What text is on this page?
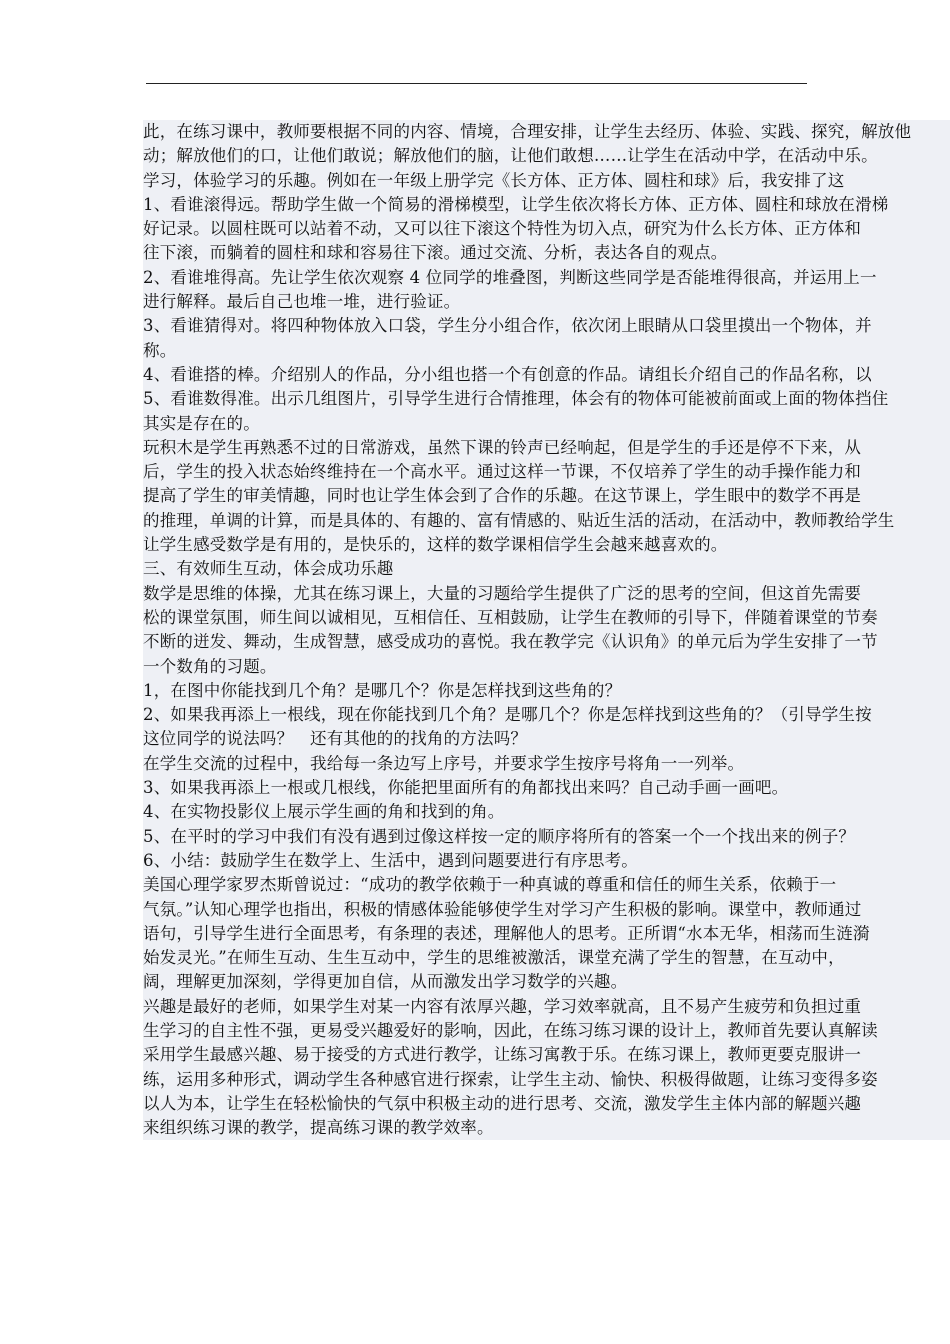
此，在练习课中，教师要根据不同的内容、情境，合理安排，让学生去经历、体验、实践、探究，解放他
动；解放他们的口，让他们敢说；解放他们的脑，让他们敢想……让学生在活动中学，在活动中乐。
学习，体验学习的乐趣。例如在一年级上册学完《长方体、正方体、圆柱和球》后，我安排了这
1、看谁滚得远。帮助学生做一个简易的滑梯模型，让学生依次将长方体、正方体、圆柱和球放在滑梯
好记录。以圆柱既可以站着不动，又可以往下滚这个特性为切入点，研究为什么长方体、正方体和
往下滚，而躺着的圆柱和球和容易往下滚。通过交流、分析，表达各自的观点。
2、看谁堆得高。先让学生依次观察 4 位同学的堆叠图，判断这些同学是否能堆得很高，并运用上一
进行解释。最后自己也堆一堆，进行验证。
3、看谁猜得对。将四种物体放入口袋，学生分小组合作，依次闭上眼睛从口袋里摸出一个物体，并
称。
4、看谁搭的棒。介绍别人的作品，分小组也搭一个有创意的作品。请组长介绍自己的作品名称，以
5、看谁数得准。出示几组图片，引导学生进行合情推理，体会有的物体可能被前面或上面的物体挡住
其实是存在的。
玩积木是学生再熟悉不过的日常游戏，虽然下课的铃声已经响起，但是学生的手还是停不下来，从
后，学生的投入状态始终维持在一个高水平。通过这样一节课，不仅培养了学生的动手操作能力和
提高了学生的审美情趣，同时也让学生体会到了合作的乐趣。在这节课上，学生眼中的数学不再是
的推理，单调的计算，而是具体的、有趣的、富有情感的、贴近生活的活动，在活动中，教师教给学生
让学生感受数学是有用的，是快乐的，这样的数学课相信学生会越来越喜欢的。
三、有效师生互动，体会成功乐趣
数学是思维的体操，尤其在练习课上，大量的习题给学生提供了广泛的思考的空间，但这首先需要
松的课堂氛围，师生间以诚相见，互相信任、互相鼓励，让学生在教师的引导下，伴随着课堂的节奏
不断的迸发、舞动，生成智慧，感受成功的喜悦。我在教学完《认识角》的单元后为学生安排了一节
一个数角的习题。
1，在图中你能找到几个角？是哪几个？你是怎样找到这些角的？
2、如果我再添上一根线，现在你能找到几个角？是哪几个？你是怎样找到这些角的？（引导学生按
这位同学的说法吗？　还有其他的的找角的方法吗？
在学生交流的过程中，我给每一条边写上序号，并要求学生按序号将角一一列举。
3、如果我再添上一根或几根线，你能把里面所有的角都找出来吗？自己动手画一画吧。
4、在实物投影仪上展示学生画的角和找到的角。
5、在平时的学习中我们有没有遇到过像这样按一定的顺序将所有的答案一个一个找出来的例子？
6、小结：鼓励学生在数学上、生活中，遇到问题要进行有序思考。
美国心理学家罗杰斯曾说过：“成功的教学依赖于一种真诚的尊重和信任的师生关系，依赖于一
气氛。”认知心理学也指出，积极的情感体验能够使学生对学习产生积极的影响。课堂中，教师通过
语句，引导学生进行全面思考，有条理的表述，理解他人的思考。正所谓“水本无华，相荡而生涟漪
始发灵光。”在师生互动、生生互动中，学生的思维被激活，课堂充满了学生的智慧，在互动中，
阔，理解更加深刻，学得更加自信，从而激发出学习数学的兴趣。
兴趣是最好的老师，如果学生对某一内容有浓厚兴趣，学习效率就高，且不易产生疲劳和负担过重
生学习的自主性不强，更易受兴趣爱好的影响，因此，在练习练习课的设计上，教师首先要认真解读
采用学生最感兴趣、易于接受的方式进行教学，让练习寓教于乐。在练习课上，教师更要克服讲一
练，运用多种形式，调动学生各种感官进行探索，让学生主动、愉快、积极得做题，让练习变得多姿
以人为本，让学生在轻松愉快的气氛中积极主动的进行思考、交流，激发学生主体内部的解题兴趣
来组织练习课的教学，提高练习课的教学效率。
